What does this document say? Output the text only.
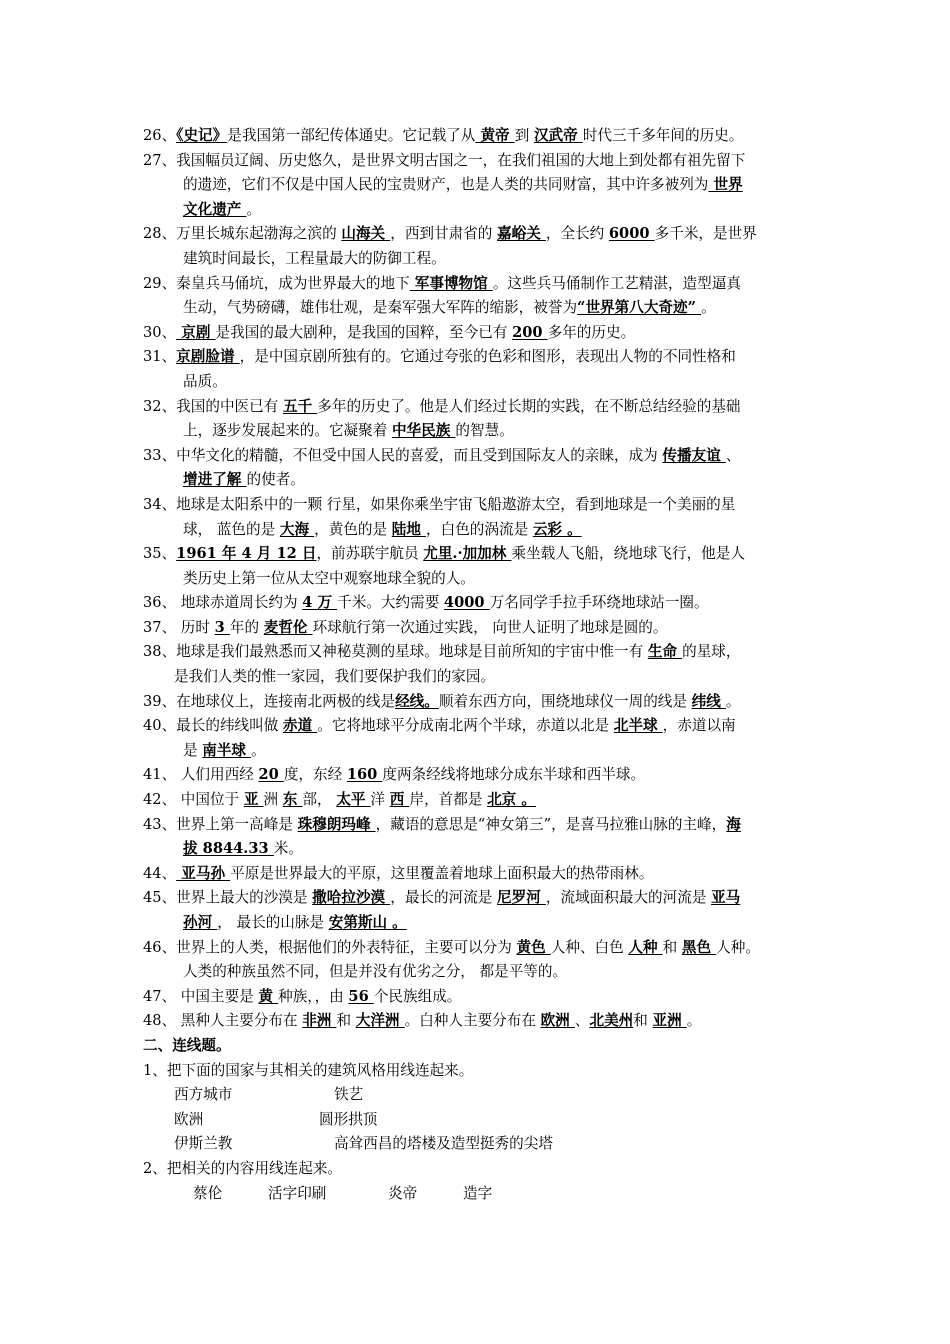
26、《史记》是我国第一部纪传体通史。它记载了从 黄帝 到 汉武帝 时代三千多年间的历史。
27、我国幅员辽阔、历史悠久，是世界文明古国之一，在我们祖国的大地上到处都有祖先留下
的遗迹，它们不仅是中国人民的宝贵财产，也是人类的共同财富，其中许多被列为 世界
文化遗产 。
28、万里长城东起渤海之滨的 山海关 ，西到甘肃省的 嘉峪关 ，全长约 6000 多千米，是世界
建筑时间最长，工程量最大的防御工程。
29、秦皇兵马俑坑，成为世界最大的地下 军事博物馆 。这些兵马俑制作工艺精湛，造型逼真
生动，气势磅礴，雄伟壮观，是秦军强大军阵的缩影，被誉为“世界第八大奇迹” 。
30、 京剧 是我国的最大剧种，是我国的国粹，至今已有 200 多年的历史。
31、京剧脸谱 ，是中国京剧所独有的。它通过夸张的色彩和图形，表现出人物的不同性格和
品质。
32、我国的中医已有 五千 多年的历史了。他是人们经过长期的实践，在不断总结经验的基础
上，逐步发展起来的。它凝聚着 中华民族 的智慧。
33、中华文化的精髓，不但受中国人民的喜爱，而且受到国际友人的亲睐，成为 传播友谊 、
增进了解 的使者。
34、地球是太阳系中的一颗 行星，如果你乘坐宇宙飞船遨游太空，看到地球是一个美丽的星
球， 蓝色的是 大海 ，黄色的是 陆地 ，白色的涡流是 云彩 。
35、1961 年 4 月 12 日，前苏联宇航员 尤里.·加加林 乘坐载人飞船，绕地球飞行，他是人
类历史上第一位从太空中观察地球全貌的人。
36、 地球赤道周长约为 4 万 千米。大约需要 4000 万名同学手拉手环绕地球站一圈。
37、 历时 3 年的 麦哲伦 环球航行第一次通过实践， 向世人证明了地球是圆的。
38、地球是我们最熟悉而又神秘莫测的星球。地球是目前所知的宇宙中惟一有 生命 的星球，
是我们人类的惟一家园，我们要保护我们的家园。
39、在地球仪上，连接南北两极的线是经线。顺着东西方向，围绕地球仪一周的线是 纬线 。
40、最长的纬线叫做 赤道 。它将地球平分成南北两个半球，赤道以北是 北半球 ，赤道以南
是 南半球 。
41、 人们用西经 20 度，东经 160 度两条经线将地球分成东半球和西半球。
42、 中国位于 亚 洲 东 部， 太平 洋 西 岸，首都是 北京 。
43、世界上第一高峰是 珠穆朗玛峰 ，藏语的意思是“神女第三”，是喜马拉雅山脉的主峰，海
拔 8844.33 米。
44、 亚马孙 平原是世界最大的平原，这里覆盖着地球上面积最大的热带雨林。
45、世界上最大的沙漠是 撒哈拉沙漠 ，最长的河流是 尼罗河 ，流域面积最大的河流是 亚马
孙河 ， 最长的山脉是 安第斯山 。
46、世界上的人类，根据他们的外表特征，主要可以分为 黄色 人种、白色 人种 和 黑色 人种。
人类的种族虽然不同，但是并没有优劣之分， 都是平等的。
47、 中国主要是 黄 种族，，由 56 个民族组成。
48、 黑种人主要分布在 非洲 和 大洋洲 。白种人主要分布在 欧洲 、北美州和 亚洲 。
二、连线题。
1、把下面的国家与其相关的建筑风格用线连起来。
西方城市	铁艺
欧洲	圆形拱顶
伊斯兰教	高耸西昌的塔楼及造型挺秀的尖塔
2、把相关的内容用线连起来。
蔡伦	活字印刷	炎帝	造字
